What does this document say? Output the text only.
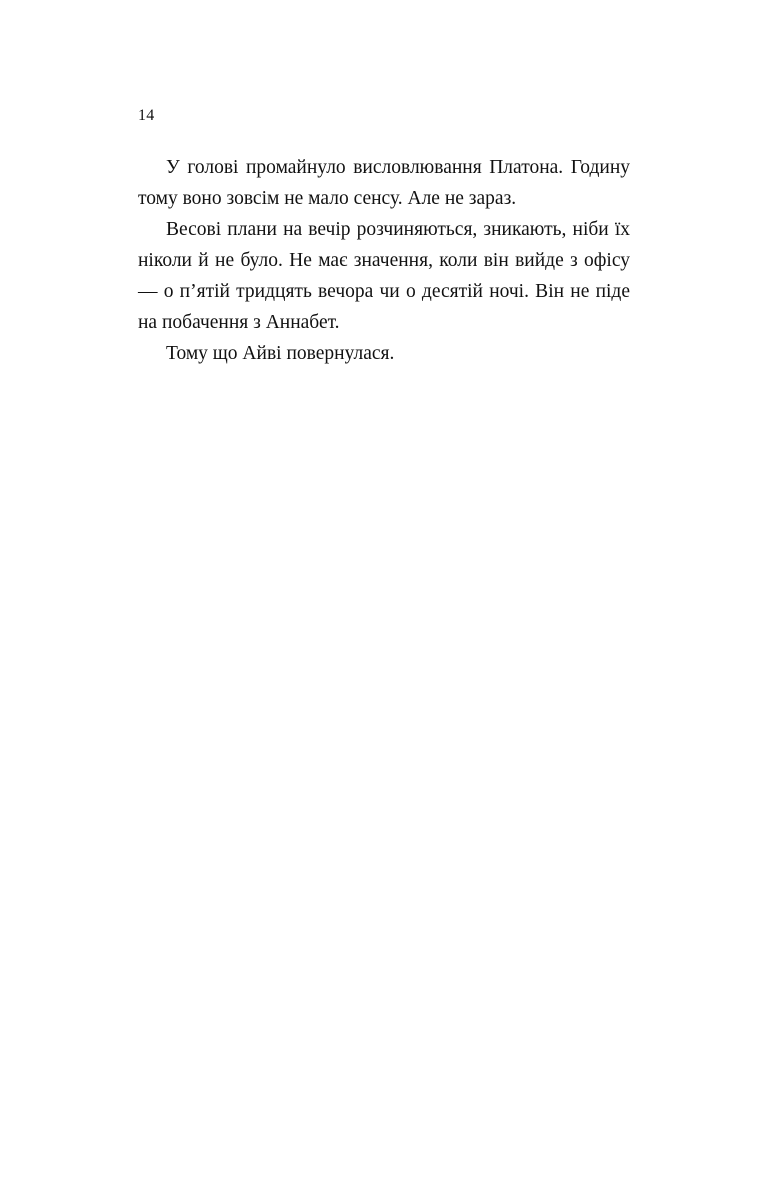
14

У голові промайнуло висловлювання Платона. Годину тому воно зовсім не мало сенсу. Але не зараз.

Весові плани на вечір розчиняються, зникають, ніби їх ніколи й не було. Не має значення, коли він вийде з офісу — о п’ятій тридцять вечора чи о десятій ночі. Він не піде на побачення з Аннабет.

Тому що Айві повернулася.
